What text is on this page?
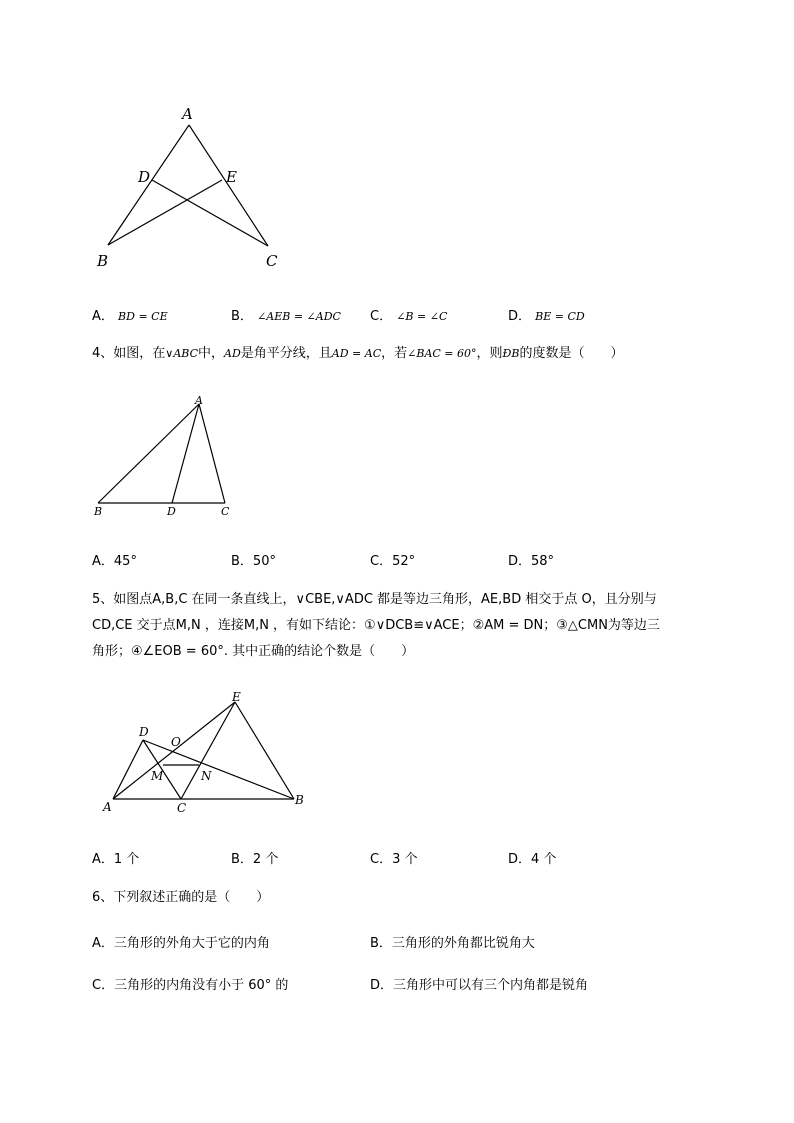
A
D	E
B	C
A． BD = CE	B． ∠AEB = ∠ADC C． ∠B = ∠C	D． BE = CD
4、如图，在∨ABC中，AD是角平分线，且AD = AC，若∠BAC = 60°，则ÐB的度数是（　　）
A
B	D	C
A．45°	B．50°	C．52°	D．58°
5、如图点A,B,C 在同一条直线上，∨CBE,∨ADC 都是等边三角形，AE,BD 相交于点 O，且分别与
CD,CE 交于点M,N ，连接M,N ，有如下结论：①∨DCB≌∨ACE；②AM = DN；③△CMN为等边三
角形；④∠EOB = 60°. 其中正确的结论个数是（　　）
E
D
O
M	N
A	C
B
A．1 个	B．2 个	C．3 个	D．4 个
6、下列叙述正确的是（　　）
A．三角形的外角大于它的内角	B．三角形的外角都比锐角大
C．三角形的内角没有小于 60° 的	D．三角形中可以有三个内角都是锐角
